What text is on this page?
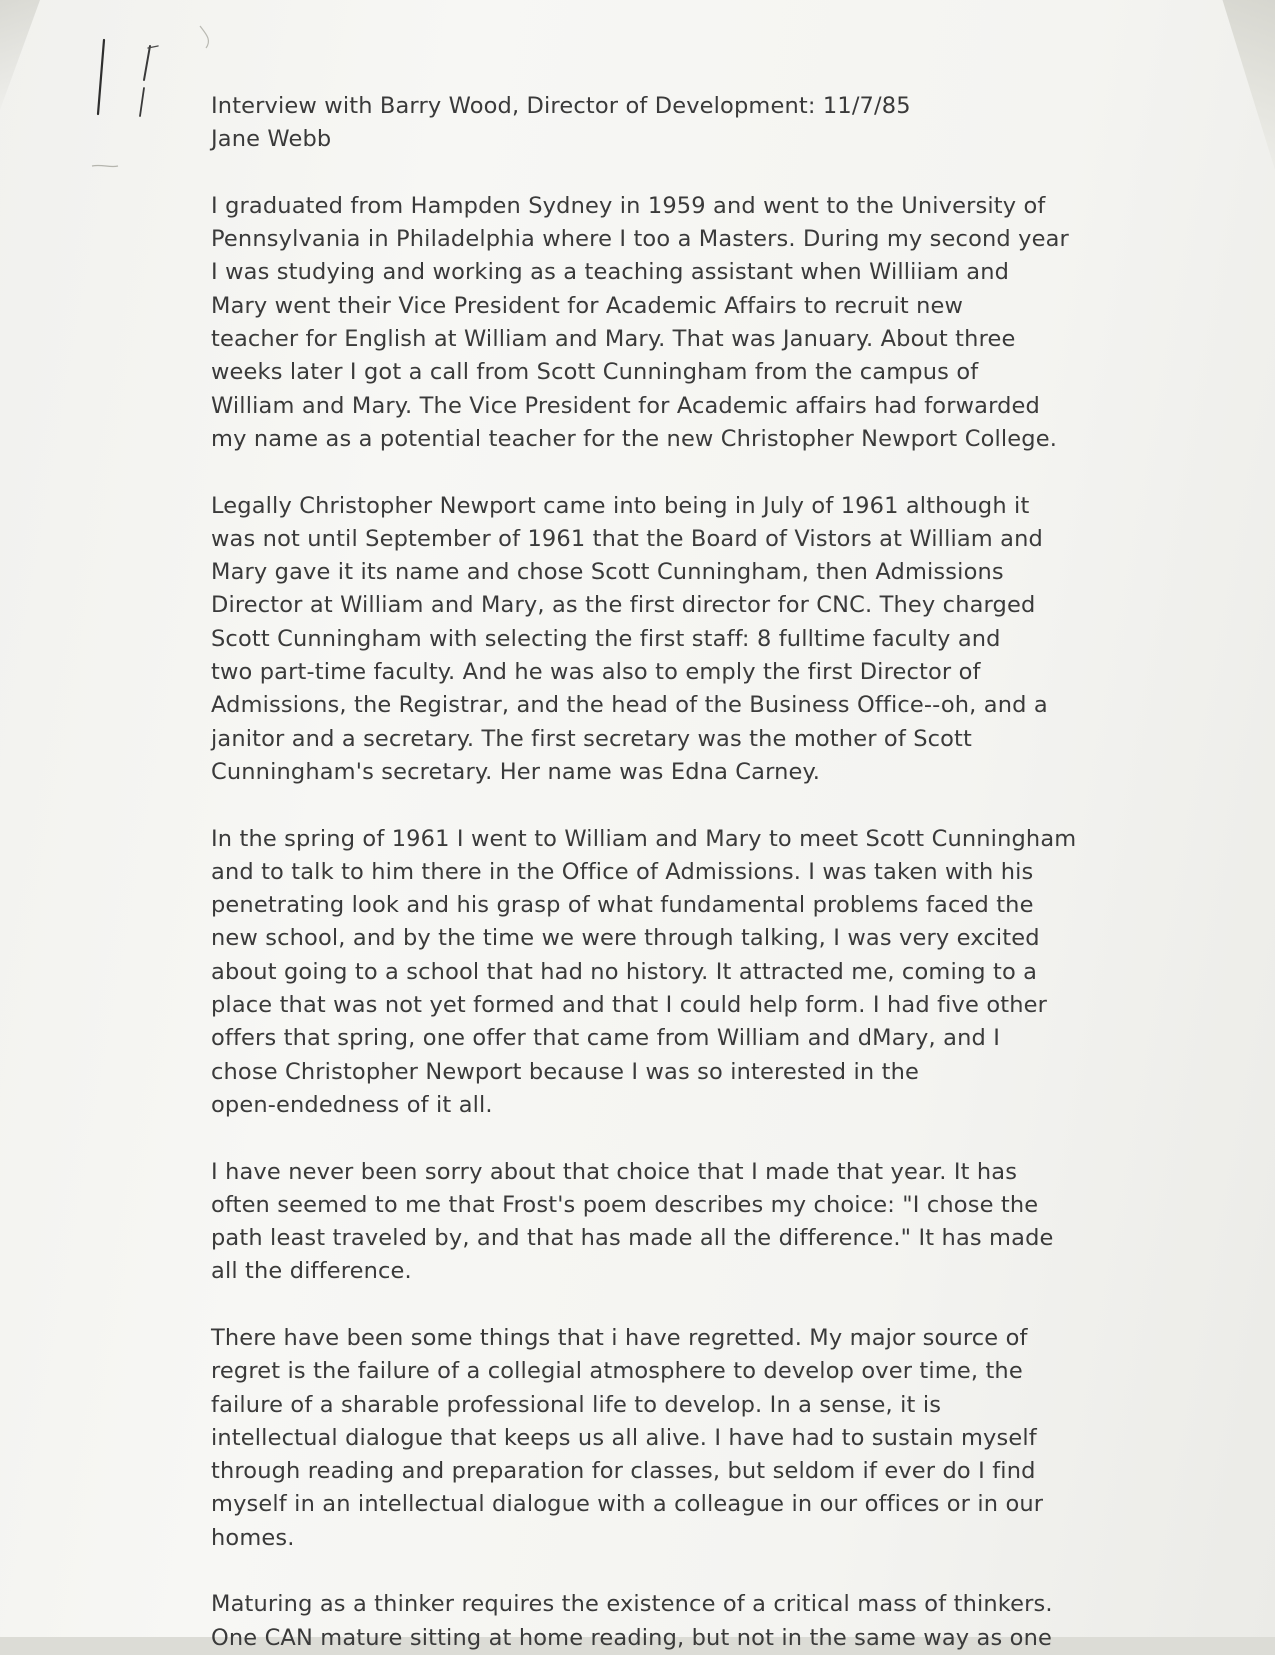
Interview with Barry Wood, Director of Development: 11/7/85

Jane Webb

I graduated from Hampden Sydney in 1959 and went to the University of
Pennsylvania in Philadelphia where I too a Masters. During my second year
I was studying and working as a teaching assistant when Williiam and
Mary went their Vice President for Academic Affairs to recruit new
teacher for English at William and Mary. That was January. About three
weeks later I got a call from Scott Cunningham from the campus of
William and Mary. The Vice President for Academic affairs had forwarded
my name as a potential teacher for the new Christopher Newport College.
Legally Christopher Newport came into being in July of 1961 although it
was not until September of 1961 that the Board of Vistors at William and
Mary gave it its name and chose Scott Cunningham, then Admissions
Director at William and Mary, as the first director for CNC. They charged
Scott Cunningham with selecting the first staff: 8 fulltime faculty and
two part-time faculty. And he was also to emply the first Director of
Admissions, the Registrar, and the head of the Business Office--oh, and a
janitor and a secretary. The first secretary was the mother of Scott
Cunningham's secretary. Her name was Edna Carney.
In the spring of 1961 I went to William and Mary to meet Scott Cunningham
and to talk to him there in the Office of Admissions. I was taken with his
penetrating look and his grasp of what fundamental problems faced the
new school, and by the time we were through talking, I was very excited
about going to a school that had no history. It attracted me, coming to a
place that was not yet formed and that I could help form. I had five other
offers that spring, one offer that came from William and dMary, and I
chose Christopher Newport because I was so interested in the
open-endedness of it all.
I have never been sorry about that choice that I made that year. It has
often seemed to me that Frost's poem describes my choice: "I chose the
path least traveled by, and that has made all the difference." It has made
all the difference.
There have been some things that i have regretted. My major source of
regret is the failure of a collegial atmosphere to develop over time, the
failure of a sharable professional life to develop. In a sense, it is
intellectual dialogue that keeps us all alive. I have had to sustain myself
through reading and preparation for classes, but seldom if ever do I find
myself in an intellectual dialogue with a colleague in our offices or in our
homes.
Maturing as a thinker requires the existence of a critical mass of thinkers.
One CAN mature sitting at home reading, but not in the same way as one
